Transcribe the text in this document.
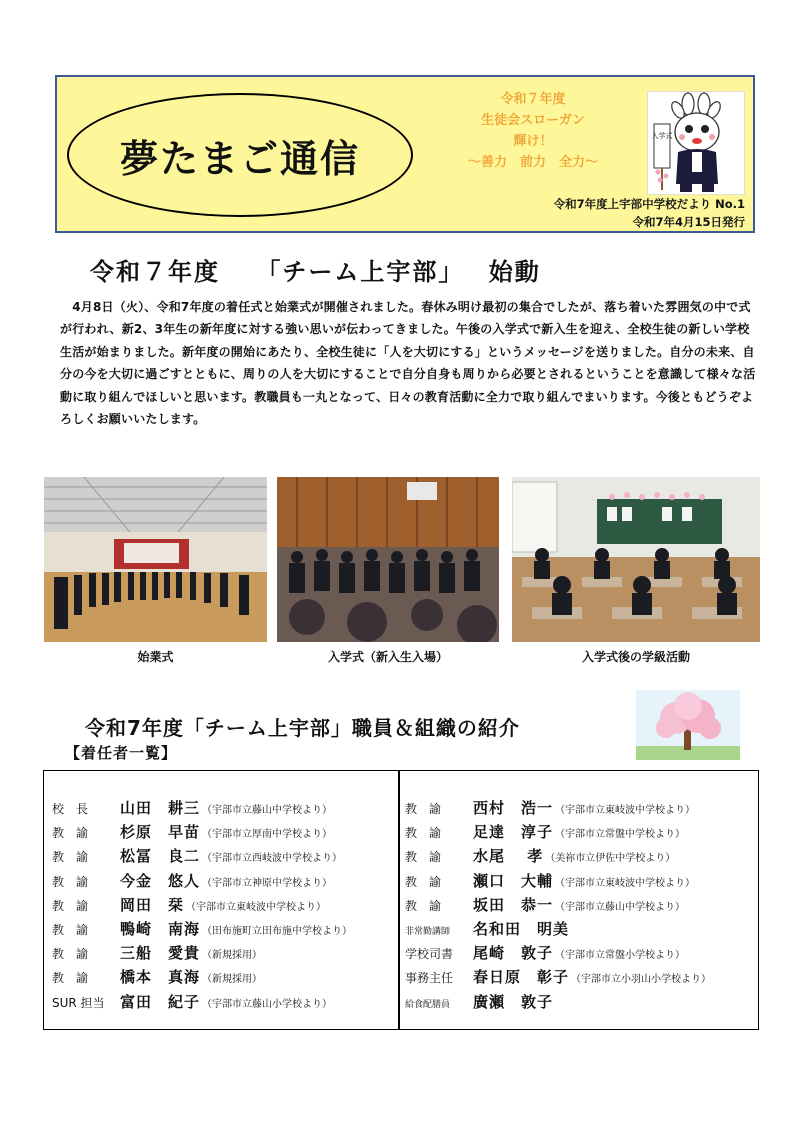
夢たまご通信
令和７年度
生徒会スローガン
輝け！
〜善力　前力　全力〜
入学式
令和7年度上宇部中学校だより No.1
令和7年4月15日発行
令和７年度　 「チーム上宇部」　 始動
　4月8日（火）、令和7年度の着任式と始業式が開催されました。春休み明け最初の集合でしたが、落ち着いた雰囲気の中で式が行われ、新2、3年生の新年度に対する強い思いが伝わってきました。午後の入学式で新入生を迎え、全校生徒の新しい学校生活が始まりました。新年度の開始にあたり、全校生徒に「人を大切にする」というメッセージを送りました。自分の未来、自分の今を大切に過ごすとともに、周りの人を大切にすることで自分自身も周りから必要とされるということを意識して様々な活動に取り組んでほしいと思います。教職員も一丸となって、日々の教育活動に全力で取り組んでまいります。今後ともどうぞよろしくお願いいたします。
始業式	入学式（新入生入場）	入学式後の学級活動
令和7年度「チーム上宇部」職員＆組織の紹介
【着任者一覧】
校　長	山田　耕三 （宇部市立藤山中学校より）
教　諭	杉原　早苗 （宇部市立厚南中学校より）
教　諭	松冨　良二 （宇部市立西岐波中学校より）
教　諭	今金　悠人 （宇部市立神原中学校より）
教　諭	岡田　栞 （宇部市立東岐波中学校より）
教　諭	鴨崎　南海 （田布施町立田布施中学校より）
教　諭	三船　愛貴 （新規採用）
教　諭	橋本　真海 （新規採用）
SUR 担当	富田　紀子 （宇部市立藤山小学校より）
教　諭	西村　浩一 （宇部市立東岐波中学校より）
教　諭	足達　淳子 （宇部市立常盤中学校より）
教　諭	水尾　 孝 （美祢市立伊佐中学校より）
教　諭	瀬口　大輔 （宇部市立東岐波中学校より）
教　諭	坂田　恭一 （宇部市立藤山中学校より）
非常勤講師	名和田　明美
学校司書	尾崎　敦子 （宇部市立常盤小学校より）
事務主任	春日原　彰子 （宇部市立小羽山小学校より）
給食配膳員	廣瀬　敦子
